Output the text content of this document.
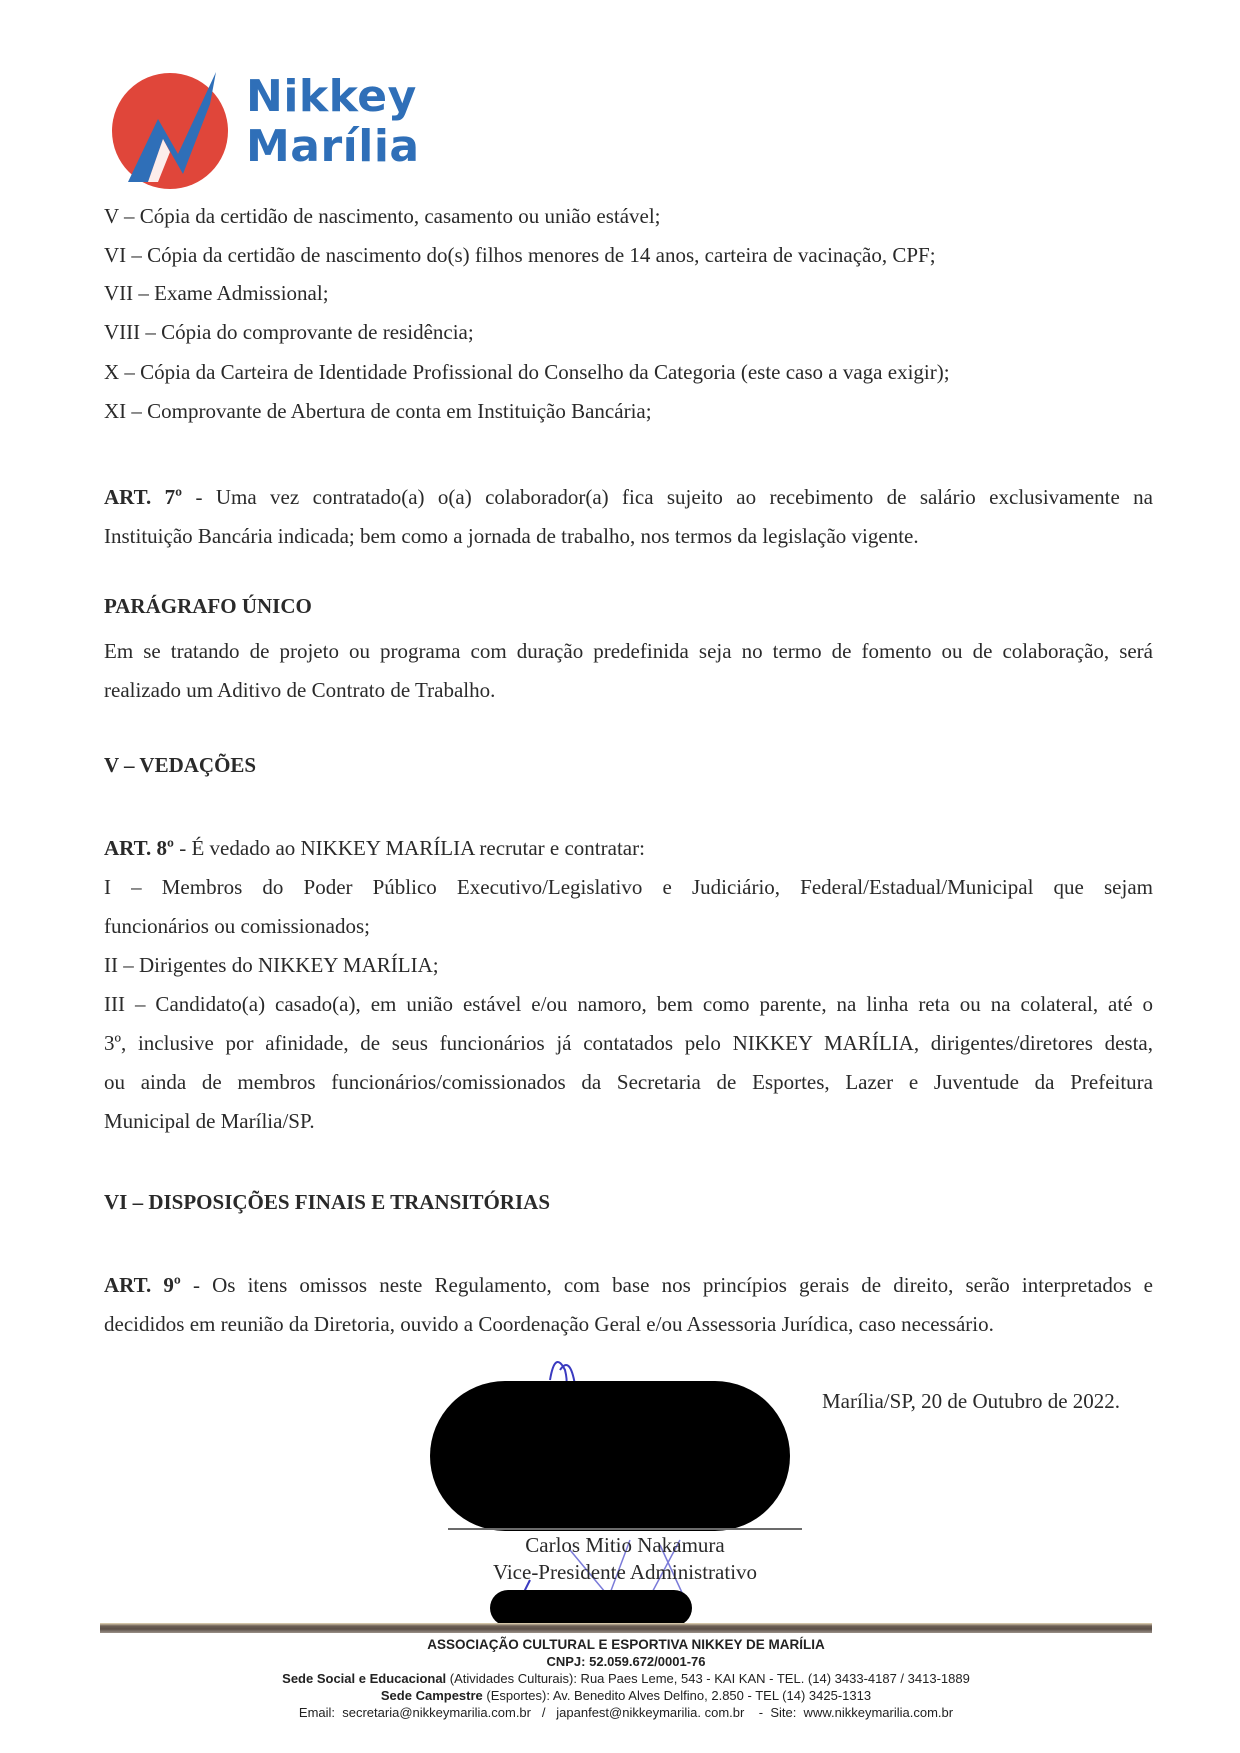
Nikkey
Marília
V – Cópia da certidão de nascimento, casamento ou união estável;
VI – Cópia da certidão de nascimento do(s) filhos menores de 14 anos, carteira de vacinação, CPF;
VII – Exame Admissional;
VIII – Cópia do comprovante de residência;
X – Cópia da Carteira de Identidade Profissional do Conselho da Categoria (este caso a vaga exigir);
XI – Comprovante de Abertura de conta em Instituição Bancária;
ART. 7º - Uma vez contratado(a) o(a) colaborador(a) fica sujeito ao recebimento de salário exclusivamente na
Instituição Bancária indicada; bem como a jornada de trabalho, nos termos da legislação vigente.
PARÁGRAFO ÚNICO
Em se tratando de projeto ou programa com duração predefinida seja no termo de fomento ou de colaboração, será
realizado um Aditivo de Contrato de Trabalho.
V – VEDAÇÕES
ART. 8º - É vedado ao NIKKEY MARÍLIA recrutar e contratar:
I – Membros do Poder Público Executivo/Legislativo e Judiciário, Federal/Estadual/Municipal que sejam
funcionários ou comissionados;
II – Dirigentes do NIKKEY MARÍLIA;
III – Candidato(a) casado(a), em união estável e/ou namoro, bem como parente, na linha reta ou na colateral, até o
3º, inclusive por afinidade, de seus funcionários já contatados pelo NIKKEY MARÍLIA, dirigentes/diretores desta,
ou ainda de membros funcionários/comissionados da Secretaria de Esportes, Lazer e Juventude da Prefeitura
Municipal de Marília/SP.
VI – DISPOSIÇÕES FINAIS E TRANSITÓRIAS
ART. 9º - Os itens omissos neste Regulamento, com base nos princípios gerais de direito, serão interpretados e
decididos em reunião da Diretoria, ouvido a Coordenação Geral e/ou Assessoria Jurídica, caso necessário.
Marília/SP, 20 de Outubro de 2022.
Carlos Mitio Nakamura
Vice-Presidente Administrativo
ASSOCIAÇÃO CULTURAL E ESPORTIVA NIKKEY DE MARÍLIA
CNPJ: 52.059.672/0001-76
Sede Social e Educacional (Atividades Culturais): Rua Paes Leme, 543 - KAI KAN - TEL. (14) 3433-4187 / 3413-1889
Sede Campestre (Esportes): Av. Benedito Alves Delfino, 2.850 - TEL (14) 3425-1313
Email:  secretaria@nikkeymarilia.com.br   /   japanfest@nikkeymarilia. com.br    -  Site:  www.nikkeymarilia.com.br
